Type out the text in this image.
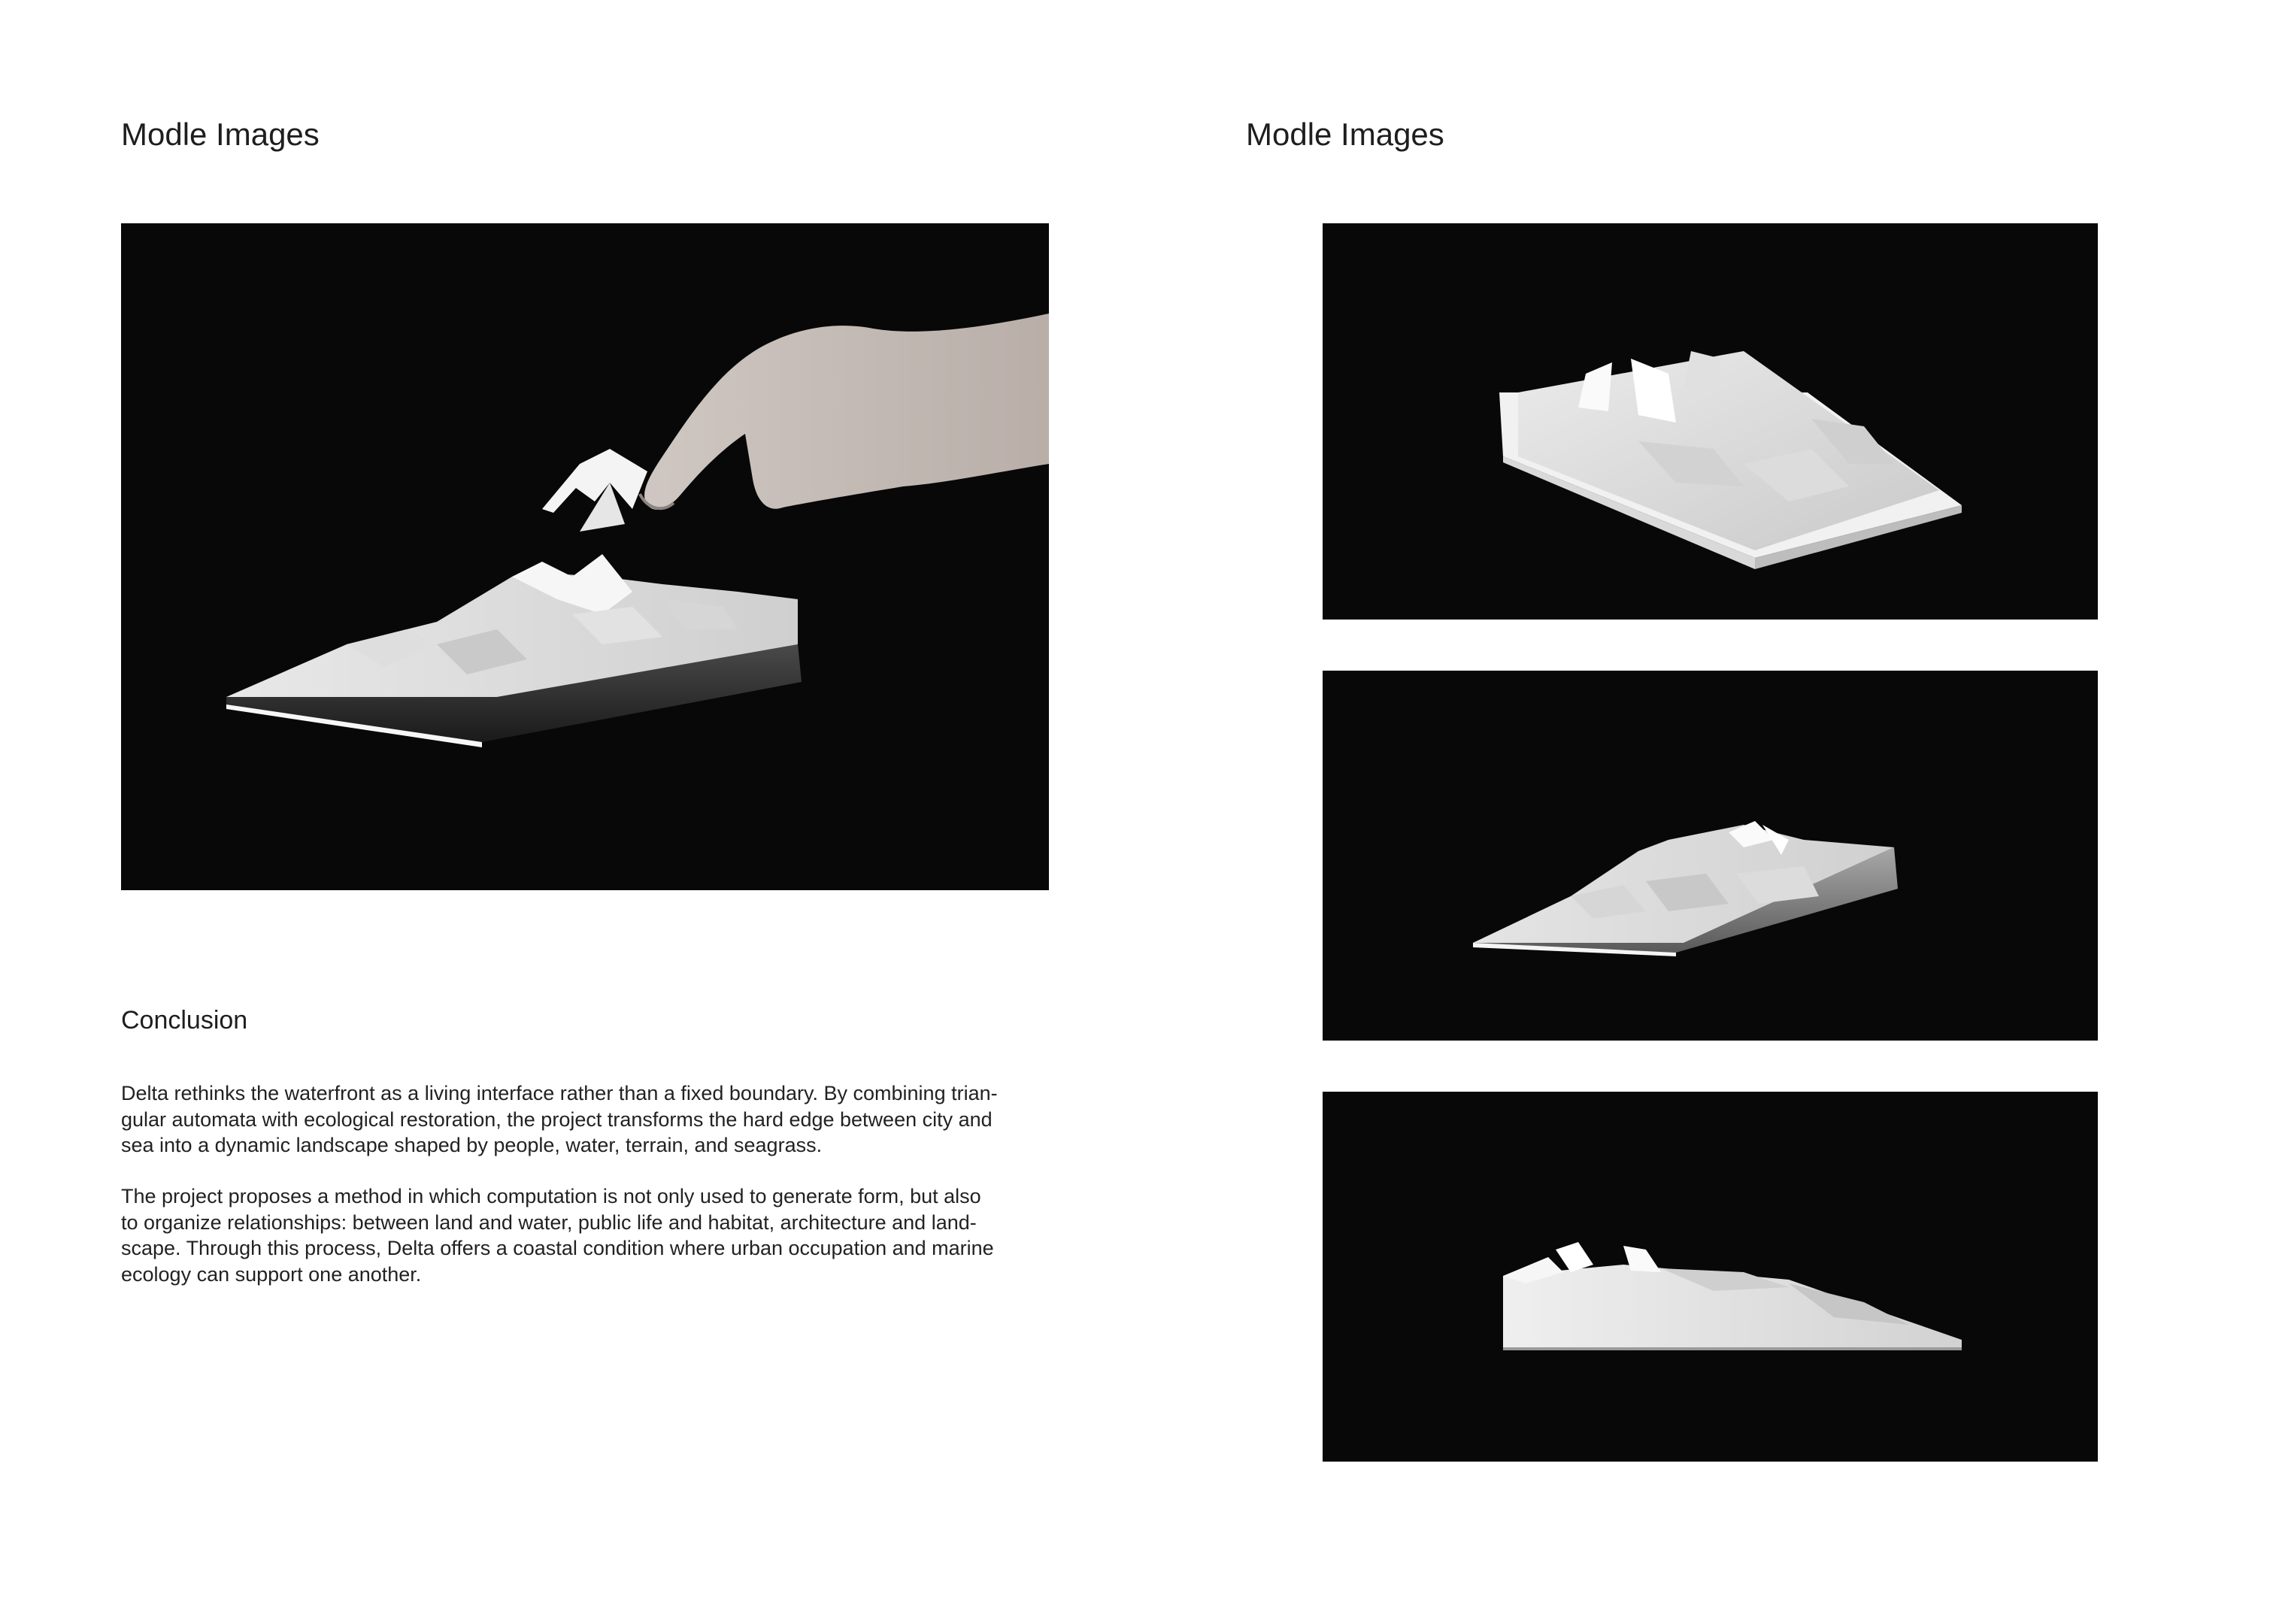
Modle Images	Modle Images
Conclusion

Delta rethinks the waterfront as a living interface rather than a fixed boundary. By combining trian-
gular automata with ecological restoration, the project transforms the hard edge between city and
sea into a dynamic landscape shaped by people, water, terrain, and seagrass.

The project proposes a method in which computation is not only used to generate form, but also
to organize relationships: between land and water, public life and habitat, architecture and land-
scape. Through this process, Delta offers a coastal condition where urban occupation and marine
ecology can support one another.
